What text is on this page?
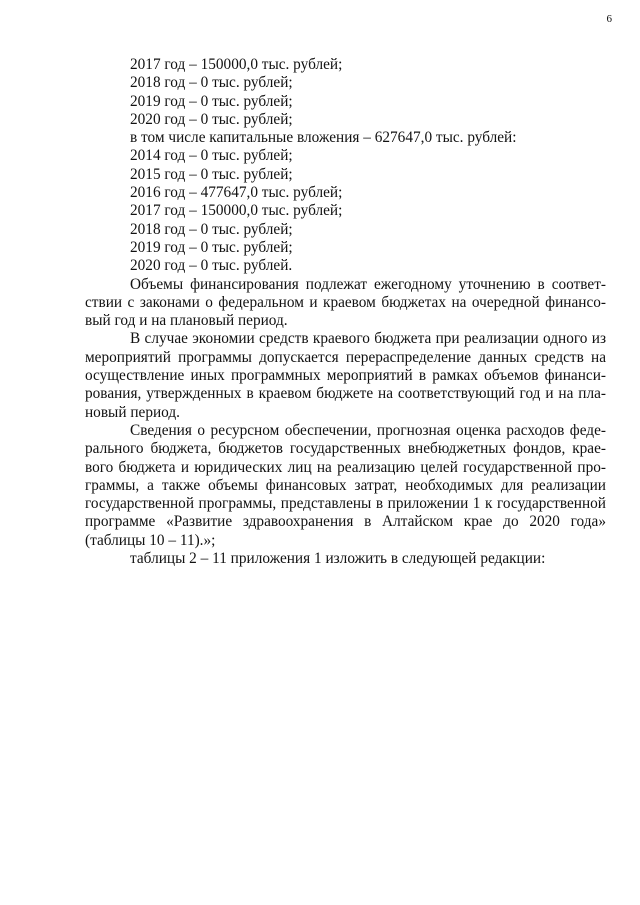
6
2017 год – 150000,0 тыс. рублей;
2018 год – 0 тыс. рублей;
2019 год – 0 тыс. рублей;
2020 год – 0 тыс. рублей;
в том числе капитальные вложения – 627647,0 тыс. рублей:
2014 год – 0 тыс. рублей;
2015 год – 0 тыс. рублей;
2016 год – 477647,0 тыс. рублей;
2017 год – 150000,0 тыс. рублей;
2018 год – 0 тыс. рублей;
2019 год – 0 тыс. рублей;
2020 год – 0 тыс. рублей.

Объемы финансирования подлежат ежегодному уточнению в соответствии с законами о федеральном и краевом бюджетах на очередной финансовый год и на плановый период.

В случае экономии средств краевого бюджета при реализации одного из мероприятий программы допускается перераспределение данных средств на осуществление иных программных мероприятий в рамках объемов финансирования, утвержденных в краевом бюджете на соответствующий год и на плановый период.

Сведения о ресурсном обеспечении, прогнозная оценка расходов федерального бюджета, бюджетов государственных внебюджетных фондов, краевого бюджета и юридических лиц на реализацию целей государственной программы, а также объемы финансовых затрат, необходимых для реализации государственной программы, представлены в приложении 1 к государственной программе «Развитие здравоохранения в Алтайском крае до 2020 года» (таблицы 10 – 11).»;

таблицы 2 – 11 приложения 1 изложить в следующей редакции:
